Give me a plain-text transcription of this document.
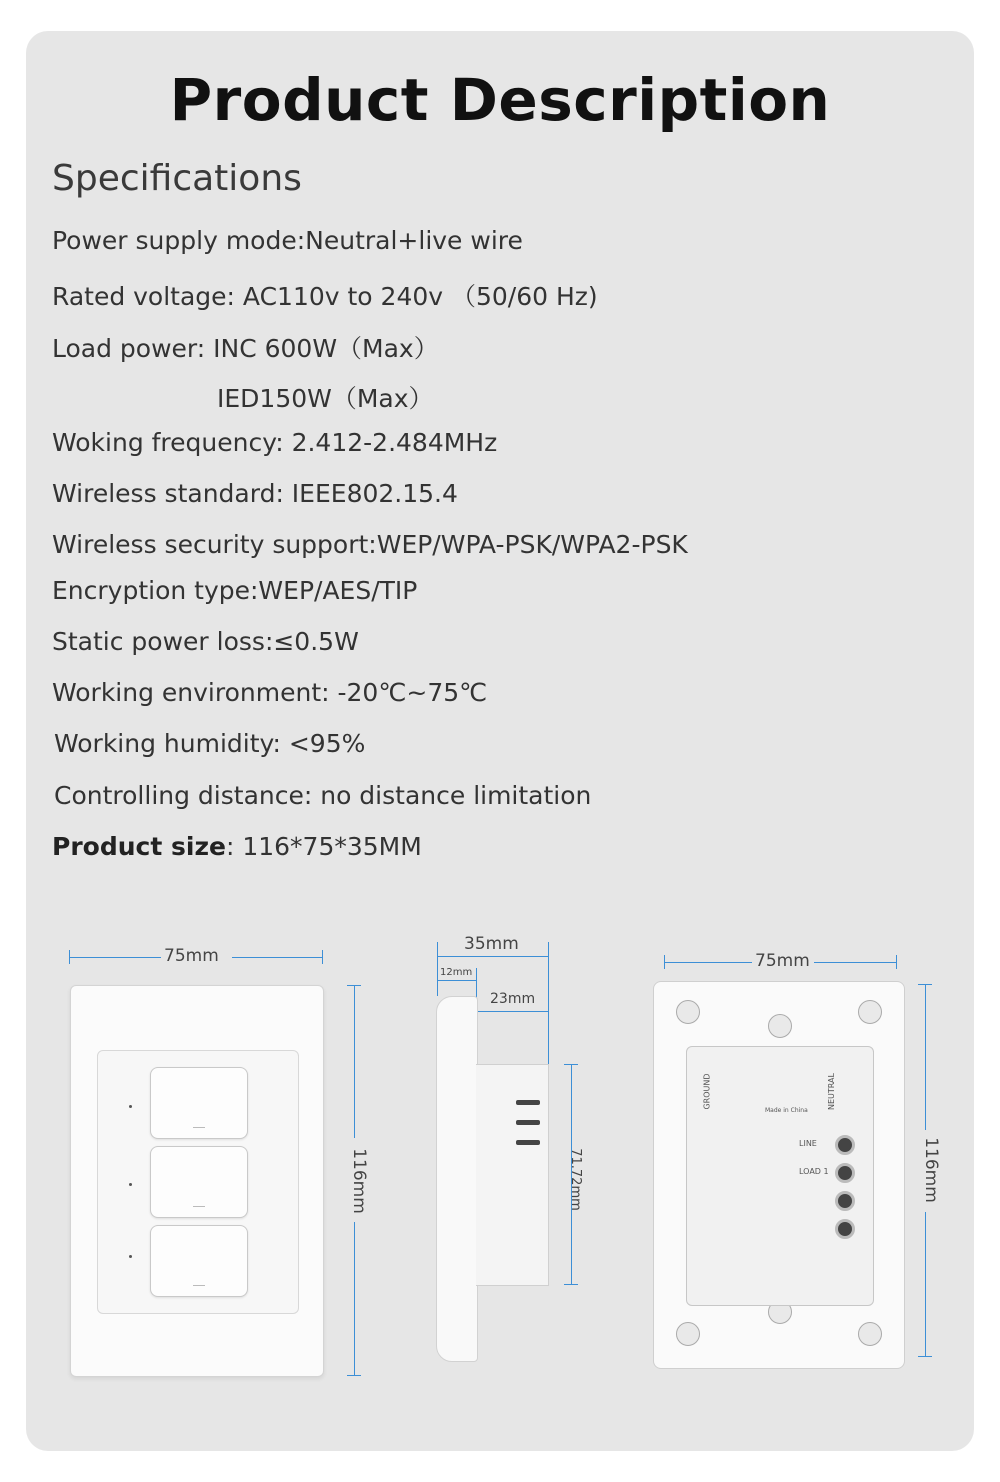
Product Description
Specifications
Power supply mode:Neutral+live wire
Rated voltage: AC110v to 240v （50/60 Hz)
Load power: INC 600W（Max）
IED150W（Max）
Woking frequency: 2.412-2.484MHz
Wireless standard: IEEE802.15.4
Wireless security support:WEP/WPA-PSK/WPA2-PSK
Encryption type:WEP/AES/TIP
Static power loss:≤0.5W
Working environment: -20℃~75℃
Working humidity: <95%
Controlling distance: no distance limitation
Product size: 116*75*35MM
75mm
116mm
35mm
12mm
23mm
71.72mm
75mm
116mm
GROUND	NEUTRAL
Made in China
LINE
LOAD 1
